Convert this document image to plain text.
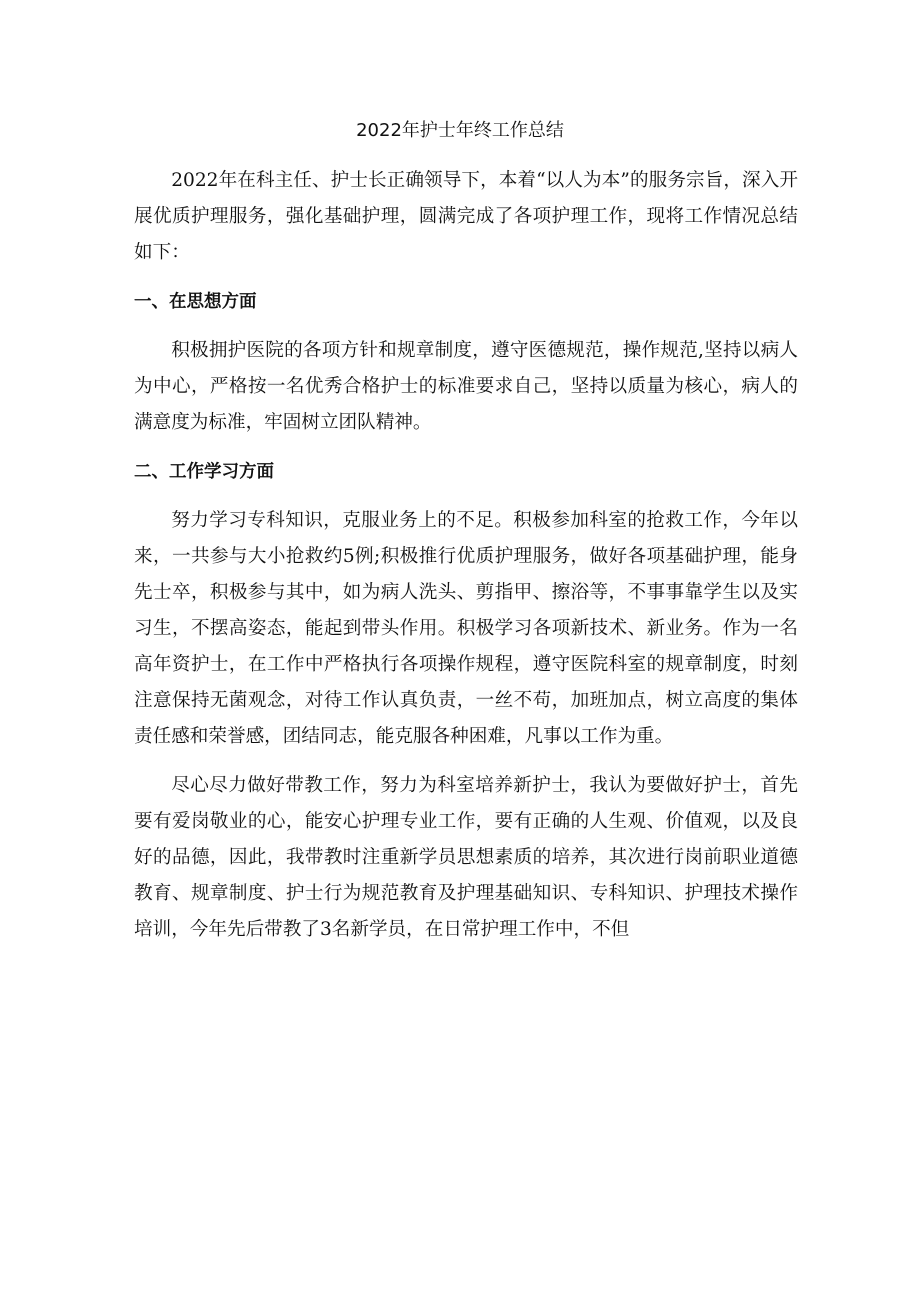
2022年护士年终工作总结

2022年在科主任、护士长正确领导下，本着“以人为本”的服务宗旨，深入开展优质护理服务，强化基础护理，圆满完成了各项护理工作，现将工作情况总结如下：

一、在思想方面

积极拥护医院的各项方针和规章制度，遵守医德规范，操作规范,坚持以病人为中心，严格按一名优秀合格护士的标准要求自己，坚持以质量为核心，病人的满意度为标准，牢固树立团队精神。

二、工作学习方面

努力学习专科知识，克服业务上的不足。积极参加科室的抢救工作，今年以来，一共参与大小抢救约5例;积极推行优质护理服务，做好各项基础护理，能身先士卒，积极参与其中，如为病人洗头、剪指甲、擦浴等，不事事靠学生以及实习生，不摆高姿态，能起到带头作用。积极学习各项新技术、新业务。作为一名高年资护士，在工作中严格执行各项操作规程，遵守医院科室的规章制度，时刻注意保持无菌观念，对待工作认真负责，一丝不苟，加班加点，树立高度的集体责任感和荣誉感，团结同志，能克服各种困难，凡事以工作为重。

尽心尽力做好带教工作，努力为科室培养新护士，我认为要做好护士，首先要有爱岗敬业的心，能安心护理专业工作，要有正确的人生观、价值观，以及良好的品德，因此，我带教时注重新学员思想素质的培养，其次进行岗前职业道德教育、规章制度、护士行为规范教育及护理基础知识、专科知识、护理技术操作培训，今年先后带教了3名新学员，在日常护理工作中，不但
